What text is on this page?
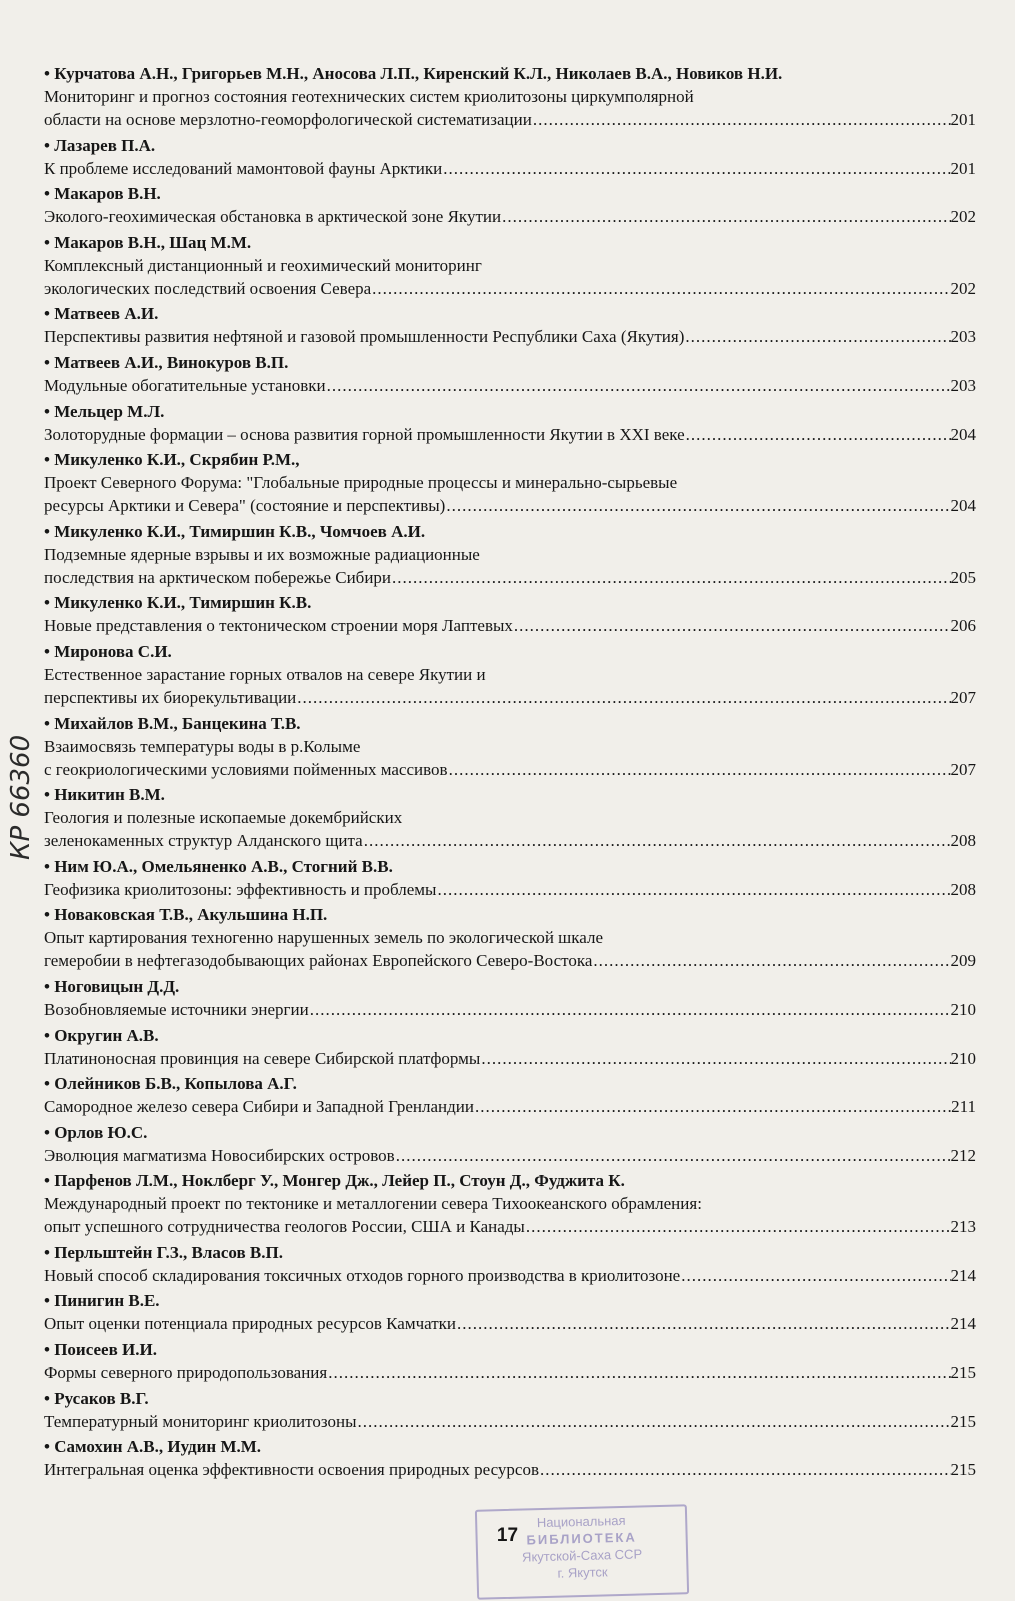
• Курчатова А.Н., Григорьев М.Н., Аносова Л.П., Киренский К.Л., Николаев В.А., Новиков Н.И.
Мониторинг и прогноз состояния геотехнических систем криолитозоны циркумполярной
области на основе мерзлотно-геоморфологической систематизации .....	201
• Лазарев П.А.
К проблеме исследований мамонтовой фауны Арктики .....	201
• Макаров В.Н.
Эколого-геохимическая обстановка в арктической зоне Якутии .....	202
• Макаров В.Н., Шац М.М.
Комплексный дистанционный и геохимический мониторинг
экологических последствий освоения Севера .....	202
• Матвеев А.И.
Перспективы развития нефтяной и газовой промышленности Республики Саха (Якутия) .....	203
• Матвеев А.И., Винокуров В.П.
Модульные обогатительные установки .....	203
• Мельцер М.Л.
Золоторудные формации – основа развития горной промышленности Якутии в XXI веке .....	204
• Микуленко К.И., Скрябин Р.М.,
Проект Северного Форума: "Глобальные природные процессы и минерально-сырьевые
ресурсы Арктики и Севера" (состояние и перспективы) .....	204
• Микуленко К.И., Тимиршин К.В., Чомчоев А.И.
Подземные ядерные взрывы и их возможные радиационные
последствия на арктическом побережье Сибири .....	205
• Микуленко К.И., Тимиршин К.В.
Новые представления о тектоническом строении моря Лаптевых .....	206
• Миронова С.И.
Естественное зарастание горных отвалов на севере Якутии и
перспективы их биорекультивации .....	207
• Михайлов В.М., Банцекина Т.В.
Взаимосвязь температуры воды в р.Колыме
с геокриологическими условиями пойменных массивов .....	207
• Никитин В.М.
Геология и полезные ископаемые докембрийских
зеленокаменных структур Алданского щита .....	208
• Ним Ю.А., Омельяненко А.В., Стогний В.В.
Геофизика криолитозоны: эффективность и проблемы .....	208
• Новаковская Т.В., Акульшина Н.П.
Опыт картирования техногенно нарушенных земель по экологической шкале
гемеробии в нефтегазодобывающих районах Европейского Северо-Востока .....	209
• Ноговицын Д.Д.
Возобновляемые источники энергии .....	210
• Округин А.В.
Платиноносная провинция на севере Сибирской платформы .....	210
• Олейников Б.В., Копылова А.Г.
Самородное железо севера Сибири и Западной Гренландии .....	211
• Орлов Ю.С.
Эволюция магматизма Новосибирских островов .....	212
• Парфенов Л.М., Ноклберг У., Монгер Дж., Лейер П., Стоун Д., Фуджита К.
Международный проект по тектонике и металлогении севера Тихоокеанского обрамления:
опыт успешного сотрудничества геологов России, США и Канады .....	213
• Перльштейн Г.З., Власов В.П.
Новый способ складирования токсичных отходов горного производства в криолитозоне .....	214
• Пинигин В.Е.
Опыт оценки потенциала природных ресурсов Камчатки .....	214
• Поисеев И.И.
Формы северного природопользования .....	215
• Русаков В.Г.
Температурный мониторинг криолитозоны .....	215
• Самохин А.В., Иудин М.М.
Интегральная оценка эффективности освоения природных ресурсов .....	215
КР 66360
17
Национальная
БИБЛИОТЕКА
Якутской-Саха ССР
г. Якутск
